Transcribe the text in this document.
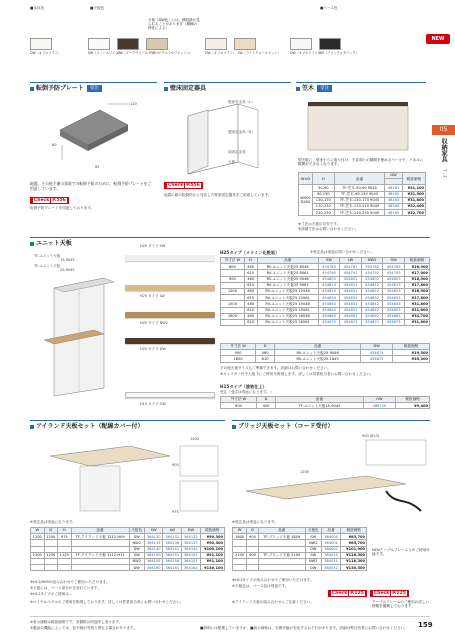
■本体色	■天板色	■ベース色
OW（オフホワイト）	SW（スノーホワイト）
DW（ダークウォールナット）
TW（ナチュラルウォッシュ）	OW（オフホワイト） LW（ライトウォールナット）	OW（オフホワイト）
BM（ブラックメタリック）
天板（DW色）には、横紋跡が見られることがあります（樹種の特性による）
NEW
05
収納家具
T・F
転倒予防プレート	受注
120
60
85
地震、その他不慮の事故での転倒予防のために、転倒予防プレートをご用意しています。
Check P.556
転倒予防プレートを用意しております。
壁床固定器具
壁面安全具（L）
壁固定金具（S）
床固定金具
天板
Check P.556
地震の際の転倒防止に対応した壁床固定器具をご用意しています。
笠木	受注
型天板に、壁まわりに取り付け、天井面との隙間を埋めるパーツで、パネルに隙間ができなくなります。
W×D	H	品番	DW	税抜価格

W900 D450	50-90	TF-笠木-50-90 9045	48161	¥31,100
	90-130	TF-笠木-90-130 9045	48162	¥31,500
	130-170	TF-笠木-130-170 9045	48163	¥31,800
	170-210	TF-笠木-170-210 9045	48164	¥32,400
	210-250	TF-笠木-210-250 9045	48165	¥32,700
※寸法は天板の目安です。
※詳細寸法はお問い合わせください。
ユニット天板
TF-ユニット天板
15-9045
TF-ユニット天板
25-9045
H25 タイプ SW
H25 タイプ LW
H25 タイプ NW2
H25 タイプ DW
H15 タイプ OW
H25タイプ（メラミン化粧板）	※受注品は別途お問い合わせください。
外寸法 W	D	品番	SW	LW	NW2	DW	税抜価格
800	460	RV-ユニット天板25 8046	454780	454781	454782	454783	¥16,900
	610	RV-ユニット天板25 8061	454790	454791	454792	454793	¥17,000
900	460	RV-ユニット天板25 9046	454800	454801	454802	454803	¥16,900
	610	RV-ユニット天板25 9061	454810	454811	454812	454813	¥17,800
1200	460	RV-ユニット天板25 12046	454820	454821	454822	454823	¥16,900
	610	RV-ユニット天板25 12061	454830	454831	454832	454833	¥17,800
1500	460	RV-ユニット天板25 15046	454840	454841	454842	454843	¥31,800
	610	RV-ユニット天板25 15061	454850	454851	454852	454853	¥31,800
1800	460	RV-ユニット天板25 18046	454860	454861	454862	454863	¥34,700
	610	RV-ユニット天板25 18061	454870	454871	454872	454873	¥31,800
外寸法 W	D	品番	DW	税抜価格
900	460	RV-ユニット天板25-9046	454874	¥19,500
1800	610	RV-ユニット天板25-1845	454875	¥35,300
その他天板サイズもご準備できます。詳細はお問い合わせください。
※キャスター付き天板下にご使用を推奨します。詳しくは営業担当者にお問い合わせください。
H15タイプ（塗装仕上）
受注（受注は別途になります。）
外寸法 W	D	品番	OW	税抜価格
900	450	TF-ユニット天板15-9045	486710	¥9,400
アイランド天板セット（配線カバー付）
1200
900
975
※受注品は別途になります。
W	D	H	品番	天板色	SW	LW	DW	税抜価格
1200	1200	975	TF-アイランド天板 1212-H09	SW	364130	364131	364132	¥90,300
				NW2	364135	364136	364137	¥90,300
				DW	364140	364141	364142	¥100,100
1200	1200	1125	TF-アイランド天板 1212-H11	SW	364150	364151	364152	¥91,100
				NW2	364155	364156	364157	¥91,100
				DW	364160	364161	364162	¥130,100
※H11/H09の組み合わせでご使用いただけます。
※天板には、ベース部分が含まれています。
※H11タイプのご使用は…
※ロイヤルペダルのご使用を推奨しております。詳しくは営業担当者にお問い合わせください。
ブリッジ天板セット（コード受付）
900 (610)
1200
※受注品は別途になります。
W	D	品番	天板色	品番	税抜価格
1800	900	TF-ブリッジ天板 1809	SW	364000	¥83,700
			NW2	364001	¥83,700
			DW	364002	¥101,900
2100	900	TF-ブリッジ天板 2109	SW	364010	¥116,300
			NW2	364011	¥116,300
			DW	364012	¥130,500
※H11タイプの組み合わせでご使用いただけます。
※天板色は、ベース色は別途です。
Check P.125	Check P.125
※アイランド天板の組み合わせにご注意ください。
NOVテーブルフレームとのご使用可能です。
テーブルフレームのご使用の詳しい情報を掲載しております。
※表示価格は税抜価格です。消費税は別途申し受けます。
※製品の機能によっては、色や柄が実物と異なる場合があります。	■照明には配慮していますが、■表示価格は、在庫状態が変化するおそれがあります。詳細は弊社営業にお問い合わせください。 159
